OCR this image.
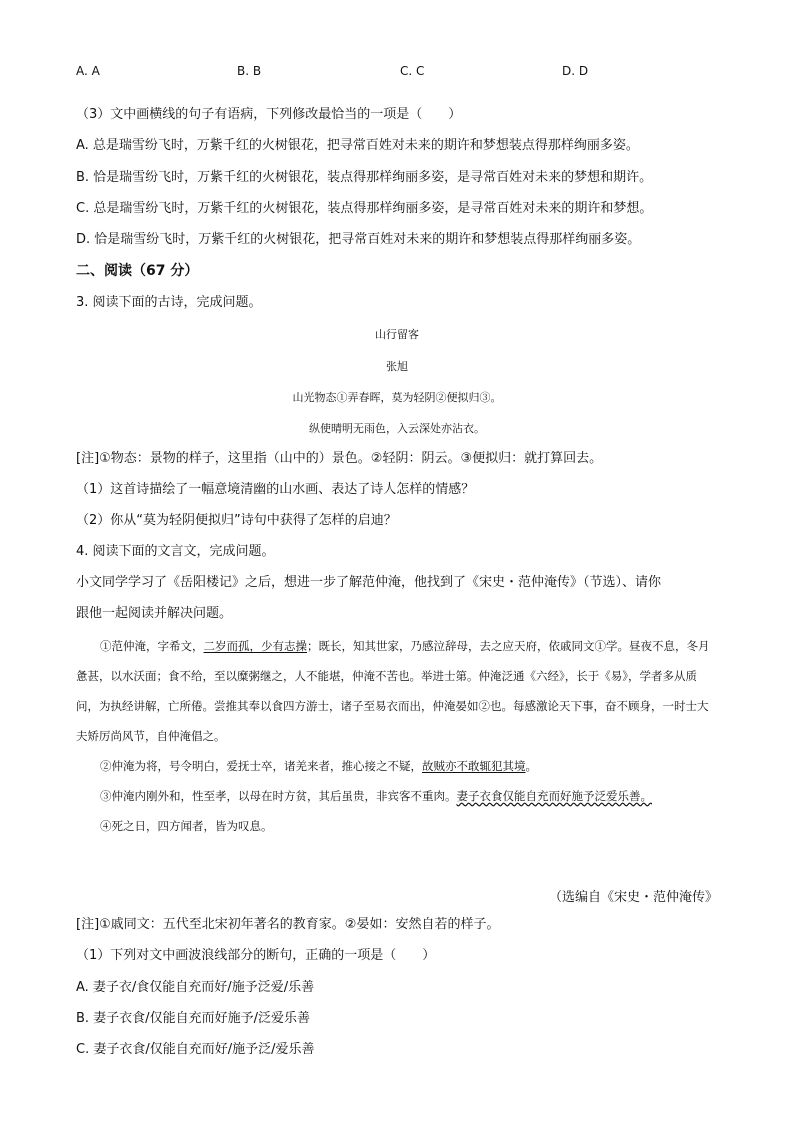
A. A	B. B	C. C	D. D
（3）文中画横线的句子有语病，下列修改最恰当的一项是（　　）
A. 总是瑞雪纷飞时，万紫千红的火树银花，把寻常百姓对未来的期许和梦想装点得那样绚丽多姿。
B. 恰是瑞雪纷飞时，万紫千红的火树银花，装点得那样绚丽多姿，是寻常百姓对未来的梦想和期许。
C. 总是瑞雪纷飞时，万紫千红的火树银花，装点得那样绚丽多姿，是寻常百姓对未来的期许和梦想。
D. 恰是瑞雪纷飞时，万紫千红的火树银花，把寻常百姓对未来的期许和梦想装点得那样绚丽多姿。
二、阅读（67 分）
3. 阅读下面的古诗，完成问题。
山行留客
张旭
山光物态①弄春晖，莫为轻阴②便拟归③。
纵使晴明无雨色，入云深处亦沾衣。
[注]①物态：景物的样子，这里指（山中的）景色。②轻阴：阴云。③便拟归：就打算回去。
（1）这首诗描绘了一幅意境清幽的山水画、表达了诗人怎样的情感？
（2）你从“莫为轻阴便拟归”诗句中获得了怎样的启迪？
4. 阅读下面的文言文，完成问题。
小文同学学习了《岳阳楼记》之后，想进一步了解范仲淹，他找到了《宋史・范仲淹传》（节选）、请你
跟他一起阅读并解决问题。
①范仲淹，字希文，二岁而孤，少有志操；既长，知其世家，乃感泣辞母，去之应天府，依戚同文①学。昼夜不息，冬月惫甚，以水沃面；食不给，至以糜粥继之，人不能堪，仲淹不苦也。举进士第。仲淹泛通《六经》，长于《易》，学者多从质问，为执经讲解，亡所倦。尝推其奉以食四方游士，诸子至易衣而出，仲淹晏如②也。每感激论天下事，奋不顾身，一时士大夫矫厉尚风节，自仲淹倡之。
②仲淹为将，号令明白，爱抚士卒，诸羌来者，推心接之不疑，故贼亦不敢辄犯其境。
③仲淹内刚外和，性至孝，以母在时方贫，其后虽贵，非宾客不重肉。妻子衣食仅能自充而好施予泛爱乐善。
④死之日，四方闻者，皆为叹息。
（选编自《宋史・范仲淹传》
[注]①戚同文：五代至北宋初年著名的教育家。②晏如：安然自若的样子。
（1）下列对文中画波浪线部分的断句，正确的一项是（　　）
A. 妻子衣/食仅能自充而好/施予泛爱/乐善
B. 妻子衣食/仅能自充而好施予/泛爱乐善
C. 妻子衣食/仅能自充而好/施予泛/爱乐善
